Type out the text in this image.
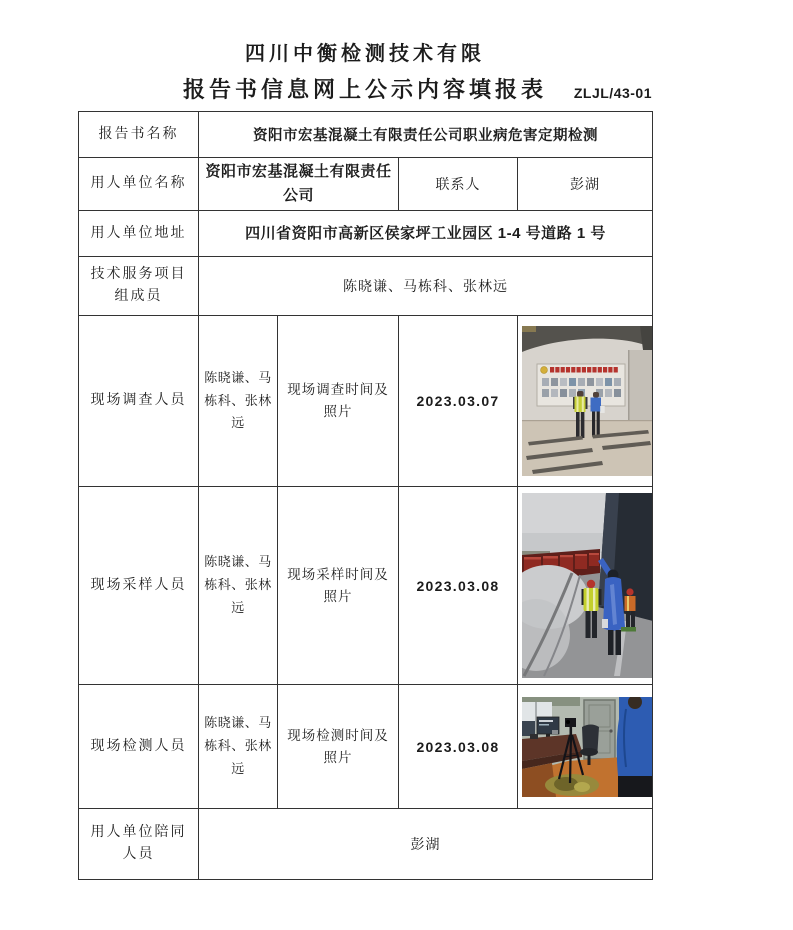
四川中衡检测技术有限
报告书信息网上公示内容填报表 ZLJL/43-01
报告书名称	资阳市宏基混凝土有限责任公司职业病危害定期检测			
用人单位名称	资阳市宏基混凝土有限责任公司		联系人	彭湖
用人单位地址	四川省资阳市高新区侯家坪工业园区 1-4 号道路 1 号			
技术服务项目组成员	陈晓谦、马栋科、张林远			
现场调查人员	陈晓谦、马栋科、张林远	现场调查时间及照片	2023.03.07	

现场采样人员	陈晓谦、马栋科、张林远	现场采样时间及照片	2023.03.08	

现场检测人员	陈晓谦、马栋科、张林远	现场检测时间及照片	2023.03.08	

用人单位陪同人员	彭湖			
